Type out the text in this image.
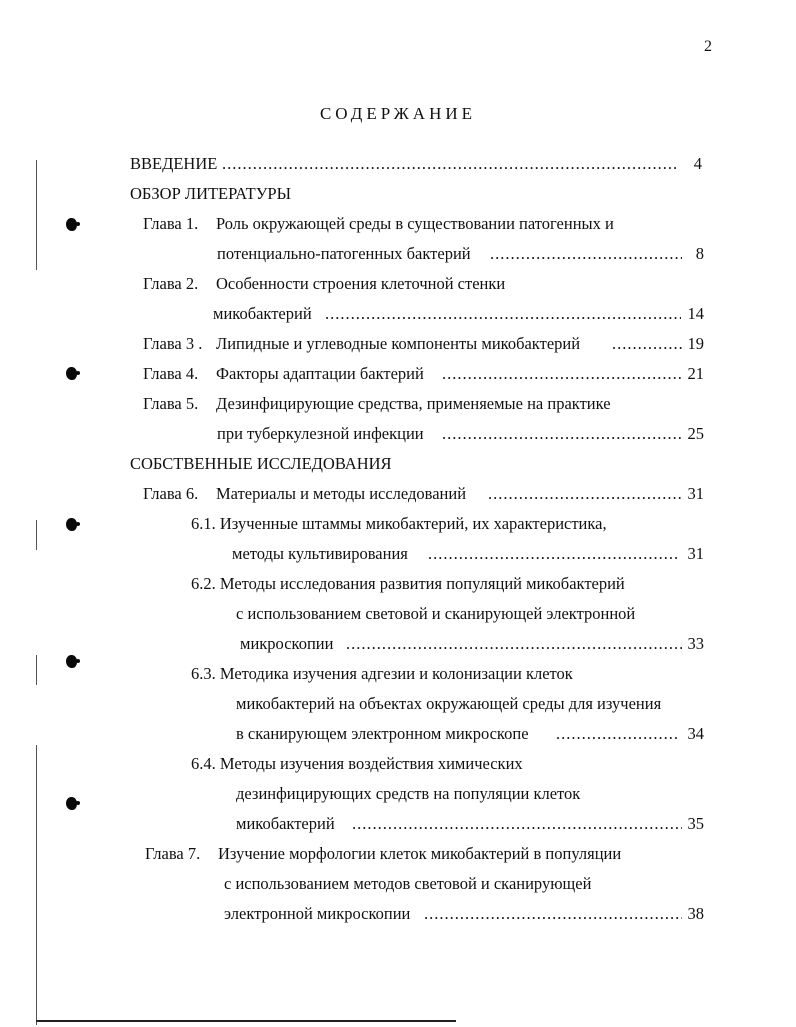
2
СОДЕРЖАНИЕ
ВВЕДЕНИЕ .....	4
ОБЗОР ЛИТЕРАТУРЫ
Глава 1. Роль окружающей среды в существовании патогенных и
потенциально-патогенных бактерий .....	8
Глава 2. Особенности строения клеточной стенки
микобактерий .....	14
Глава 3 . Липидные и углеводные компоненты микобактерий .....	19
Глава 4. Факторы адаптации бактерий .....	21
Глава 5. Дезинфицирующие средства, применяемые на практике
при туберкулезной инфекции .....	25
СОБСТВЕННЫЕ ИССЛЕДОВАНИЯ
Глава 6. Материалы и методы исследований .....	31
6.1. Изученные штаммы микобактерий, их характеристика,
методы культивирования .....	31
6.2. Методы исследования развития популяций микобактерий
с использованием световой и сканирующей электронной
микроскопии .....	33
6.3. Методика изучения адгезии и колонизации клеток
микобактерий на объектах окружающей среды для изучения
в сканирующем электронном микроскопе .....	34
6.4. Методы изучения воздействия химических
дезинфицирующих средств на популяции клеток
микобактерий .....	35
Глава 7. Изучение морфологии клеток микобактерий в популяции
с использованием методов световой и сканирующей
электронной микроскопии .....	38
